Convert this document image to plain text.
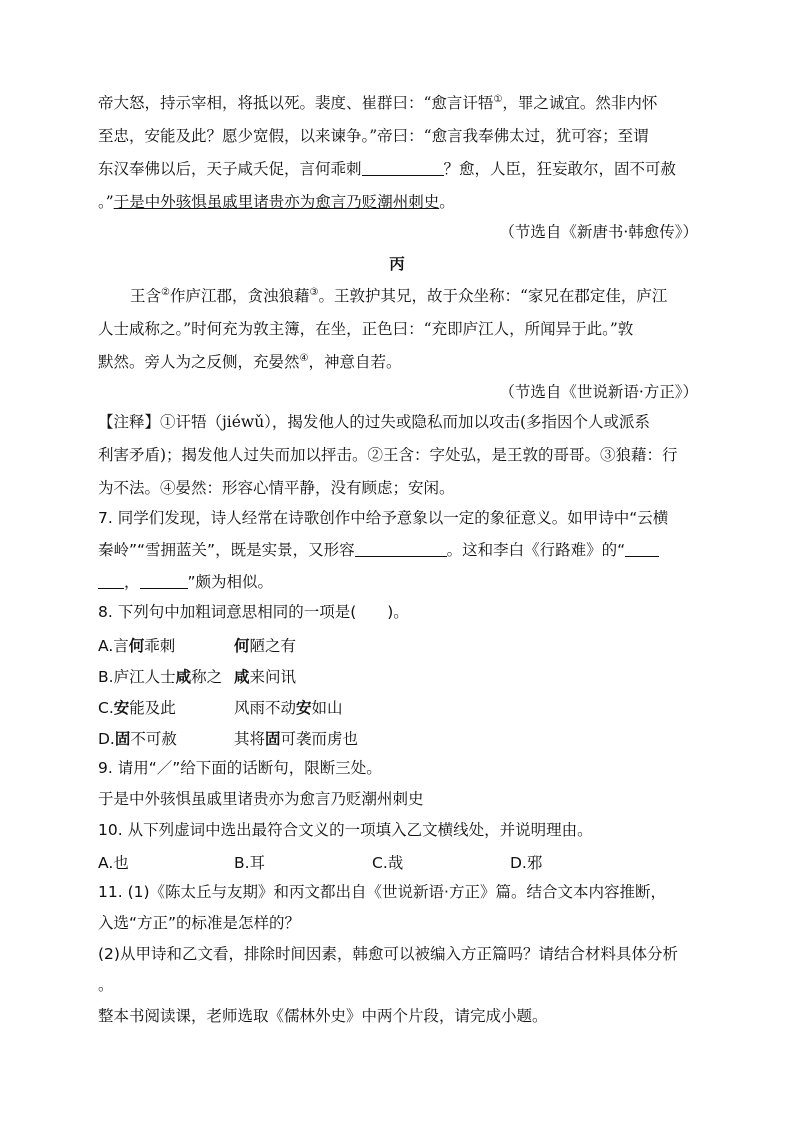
帝大怒，持示宰相，将抵以死。裴度、崔群曰：“愈言讦牾①，罪之诚宜。然非内怀
至忠，安能及此？愿少宽假，以来谏争。”帝曰：“愈言我奉佛太过，犹可容；至谓
东汉奉佛以后，天子咸夭促，言何乖刺	？愈，人臣，狂妄敢尔，固不可赦
。”于是中外骇惧虽戚里诸贵亦为愈言乃贬潮州刺史。
（节选自《新唐书·韩愈传》）
丙
王含②作庐江郡，贪浊狼藉③。王敦护其兄，故于众坐称：“家兄在郡定佳，庐江
人士咸称之。”时何充为敦主簿，在坐，正色曰：“充即庐江人，所闻异于此。”敦
默然。旁人为之反侧，充晏然④，神意自若。
（节选自《世说新语·方正》）
【注释】①讦牾（jiéwǔ），揭发他人的过失或隐私而加以攻击(多指因个人或派系
利害矛盾)；揭发他人过失而加以抨击。②王含：字处弘，是王敦的哥哥。③狼藉：行
为不法。④晏然：形容心情平静，没有顾虑；安闲。
7. 同学们发现，诗人经常在诗歌创作中给予意象以一定的象征意义。如甲诗中“云横
秦岭”“雪拥蓝关”，既是实景，又形容	。这和李白《行路难》的“
，	”颇为相似。
8. 下列句中加粗词意思相同的一项是(　　)。
A.言何乖刺	何陋之有
B.庐江人士咸称之 咸来问讯
C.安能及此	风雨不动安如山
D.固不可赦	其将固可袭而虏也
9. 请用“／”给下面的话断句，限断三处。
于是中外骇惧虽戚里诸贵亦为愈言乃贬潮州刺史
10. 从下列虚词中选出最符合文义的一项填入乙文横线处，并说明理由。
A.也	B.耳	C.哉	D.邪
11. (1)《陈太丘与友期》和丙文都出自《世说新语·方正》篇。结合文本内容推断，
入选“方正”的标准是怎样的？
(2)从甲诗和乙文看，排除时间因素，韩愈可以被编入方正篇吗？请结合材料具体分析
。
整本书阅读课，老师选取《儒林外史》中两个片段，请完成小题。
